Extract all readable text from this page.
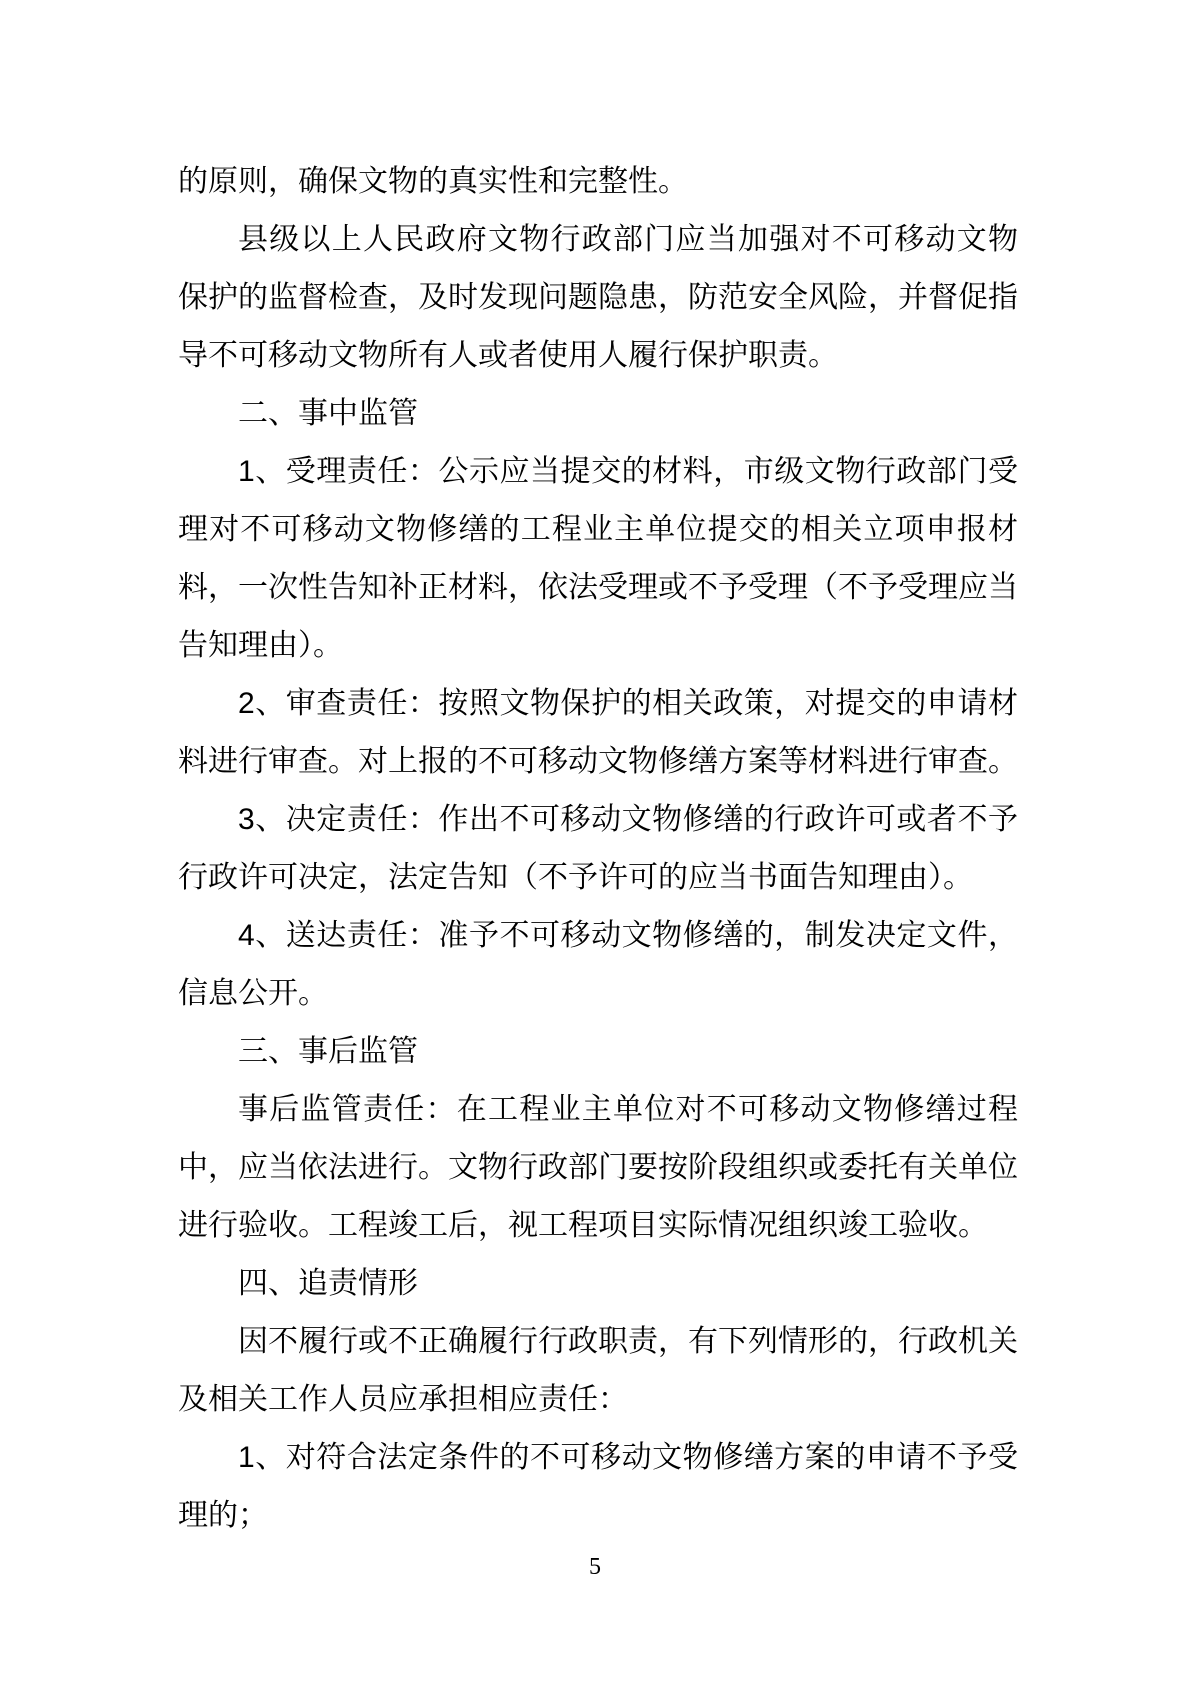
的原则，确保文物的真实性和完整性。
县级以上人民政府文物行政部门应当加强对不可移动文物
保护的监督检查，及时发现问题隐患，防范安全风险，并督促指
导不可移动文物所有人或者使用人履行保护职责。
二、事中监管
1、受理责任：公示应当提交的材料，市级文物行政部门受
理对不可移动文物修缮的工程业主单位提交的相关立项申报材
料，一次性告知补正材料，依法受理或不予受理（不予受理应当
告知理由）。
2、审查责任：按照文物保护的相关政策，对提交的申请材
料进行审查。对上报的不可移动文物修缮方案等材料进行审查。
3、决定责任：作出不可移动文物修缮的行政许可或者不予
行政许可决定，法定告知（不予许可的应当书面告知理由）。
4、送达责任：准予不可移动文物修缮的，制发决定文件，
信息公开。
三、事后监管
事后监管责任：在工程业主单位对不可移动文物修缮过程
中，应当依法进行。文物行政部门要按阶段组织或委托有关单位
进行验收。工程竣工后，视工程项目实际情况组织竣工验收。
四、追责情形
因不履行或不正确履行行政职责，有下列情形的，行政机关
及相关工作人员应承担相应责任：
1、对符合法定条件的不可移动文物修缮方案的申请不予受
理的；
5
